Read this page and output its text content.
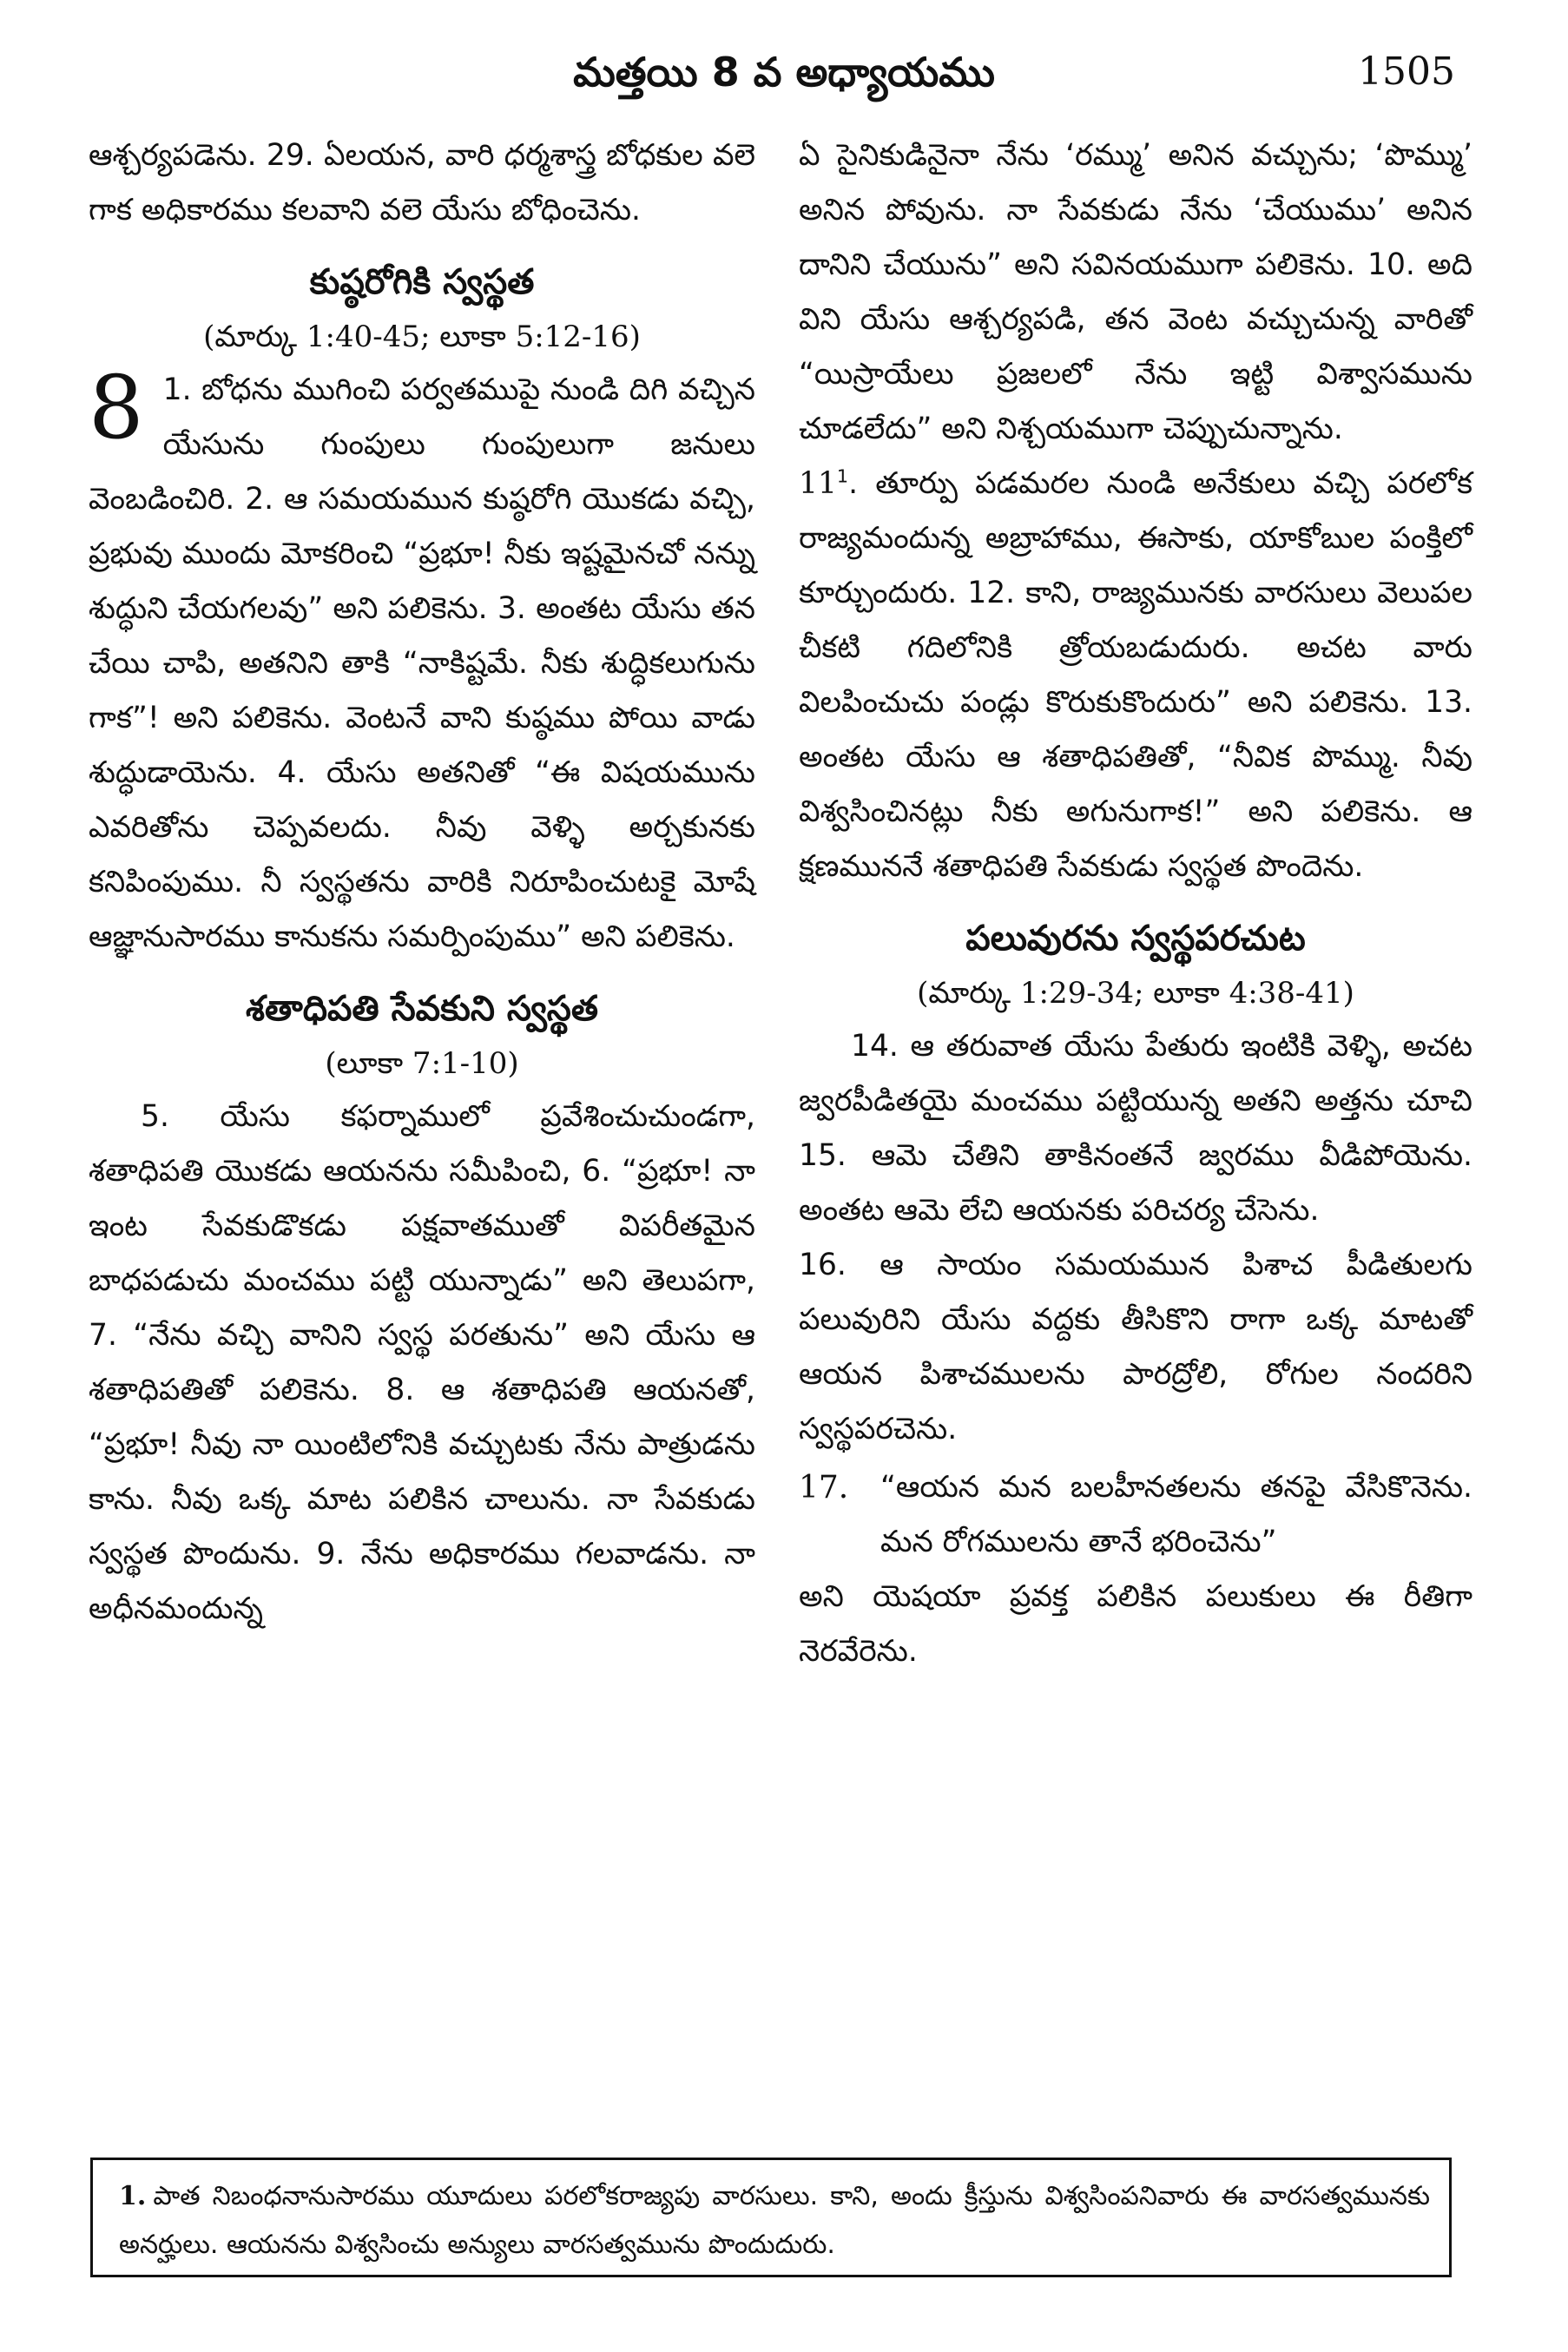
మత్తయి 8 వ అధ్యాయము	1505

ఆశ్చర్యపడెను. 29. ఏలయన, వారి ధర్మశాస్త్ర బోధకుల వలె గాక అధికారము కలవాని వలె యేసు బోధించెను.

కుష్ఠరోగికి స్వస్థత
(మార్కు 1:40-45; లూకా 5:12-16)

8 1. బోధను ముగించి పర్వతముపై నుండి దిగి వచ్చిన యేసును గుంపులు గుంపులుగా జనులు వెంబడించిరి. 2. ఆ సమయమున కుష్ఠరోగి యొకడు వచ్చి, ప్రభువు ముందు మోకరించి “ప్రభూ! నీకు ఇష్టమైనచో నన్ను శుద్ధుని చేయగలవు” అని పలికెను. 3. అంతట యేసు తన చేయి చాపి, అతనిని తాకి “నాకిష్టమే. నీకు శుద్ధికలుగును గాక”! అని పలికెను. వెంటనే వాని కుష్ఠము పోయి వాడు శుద్ధుడాయెను. 4. యేసు అతనితో “ఈ విషయమును ఎవరితోను చెప్పవలదు. నీవు వెళ్ళి అర్చకునకు కనిపింపుము. నీ స్వస్థతను వారికి నిరూపించుటకై మోషే ఆజ్ఞానుసారము కానుకను సమర్పింపుము” అని పలికెను.

శతాధిపతి సేవకుని స్వస్థత
(లూకా 7:1-10)

5. యేసు కఫర్నాములో ప్రవేశించుచుండగా, శతాధిపతి యొకడు ఆయనను సమీపించి, 6. “ప్రభూ! నా ఇంట సేవకుడొకడు పక్షవాతముతో విపరీతమైన బాధపడుచు మంచము పట్టి యున్నాడు” అని తెలుపగా, 7. “నేను వచ్చి వానిని స్వస్థ పరతును” అని యేసు ఆ శతాధిపతితో పలికెను. 8. ఆ శతాధిపతి ఆయనతో, “ప్రభూ! నీవు నా యింటిలోనికి వచ్చుటకు నేను పాత్రుడను కాను. నీవు ఒక్క మాట పలికిన చాలును. నా సేవకుడు స్వస్థత పొందును. 9. నేను అధికారము గలవాడను. నా అధీనమందున్న

ఏ సైనికుడినైనా నేను ‘రమ్ము’ అనిన వచ్చును; ‘పొమ్ము’ అనిన పోవును. నా సేవకుడు నేను ‘చేయుము’ అనిన దానిని చేయును” అని సవినయముగా పలికెను. 10. అది విని యేసు ఆశ్చర్యపడి, తన వెంట వచ్చుచున్న వారితో “యిస్రాయేలు ప్రజలలో నేను ఇట్టి విశ్వాసమును చూడలేదు” అని నిశ్చయముగా చెప్పుచున్నాను.

$11^1$. తూర్పు పడమరల నుండి అనేకులు వచ్చి పరలోక రాజ్యమందున్న అబ్రాహాము, ఈసాకు, యాకోబుల పంక్తిలో కూర్చుందురు. 12. కాని, రాజ్యమునకు వారసులు వెలుపల చీకటి గదిలోనికి త్రోయబడుదురు. అచట వారు విలపించుచు పండ్లు కొరుకుకొందురు” అని పలికెను. 13. అంతట యేసు ఆ శతాధిపతితో, “నీవిక పొమ్ము. నీవు విశ్వసించినట్లు నీకు అగునుగాక!” అని పలికెను. ఆ క్షణముననే శతాధిపతి సేవకుడు స్వస్థత పొందెను.

పలువురను స్వస్థపరచుట
(మార్కు 1:29-34; లూకా 4:38-41)

14. ఆ తరువాత యేసు పేతురు ఇంటికి వెళ్ళి, అచట జ్వరపీడితయై మంచము పట్టియున్న అతని అత్తను చూచి 15. ఆమె చేతిని తాకినంతనే జ్వరము వీడిపోయెను. అంతట ఆమె లేచి ఆయనకు పరిచర్య చేసెను.

16. ఆ సాయం సమయమున పిశాచ పీడితులగు పలువురిని యేసు వద్దకు తీసికొని రాగా ఒక్క మాటతో ఆయన పిశాచములను పారద్రోలి, రోగుల నందరిని స్వస్థపరచెను.

17. “ఆయన మన బలహీనతలను తనపై వేసికొనెను. మన రోగములను తానే భరించెను”

అని యెషయా ప్రవక్త పలికిన పలుకులు ఈ రీతిగా నెరవేరెను.

1. పాత నిబంధనానుసారము యూదులు పరలోకరాజ్యపు వారసులు. కాని, అందు క్రీస్తును విశ్వసింపనివారు ఈ వారసత్వమునకు అనర్హులు. ఆయనను విశ్వసించు అన్యులు వారసత్వమును పొందుదురు.
